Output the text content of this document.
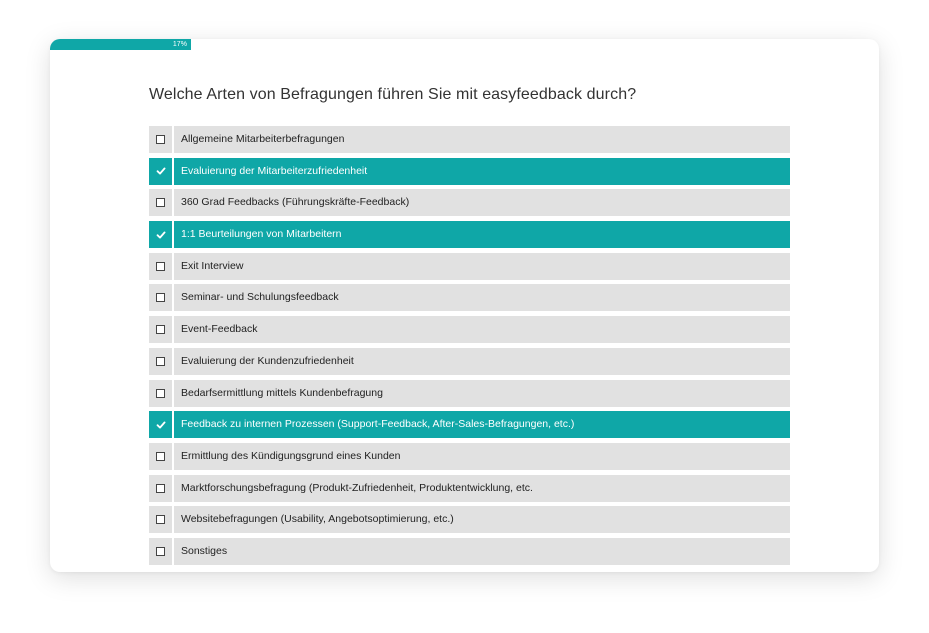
17%
Welche Arten von Befragungen führen Sie mit easyfeedback durch?
Allgemeine Mitarbeiterbefragungen
Evaluierung der Mitarbeiterzufriedenheit
360 Grad Feedbacks (Führungskräfte-Feedback)
1:1 Beurteilungen von Mitarbeitern
Exit Interview
Seminar- und Schulungsfeedback
Event-Feedback
Evaluierung der Kundenzufriedenheit
Bedarfsermittlung mittels Kundenbefragung
Feedback zu internen Prozessen (Support-Feedback, After-Sales-Befragungen, etc.)
Ermittlung des Kündigungsgrund eines Kunden
Marktforschungsbefragung (Produkt-Zufriedenheit, Produktentwicklung, etc.
Websitebefragungen (Usability, Angebotsoptimierung, etc.)
Sonstiges
